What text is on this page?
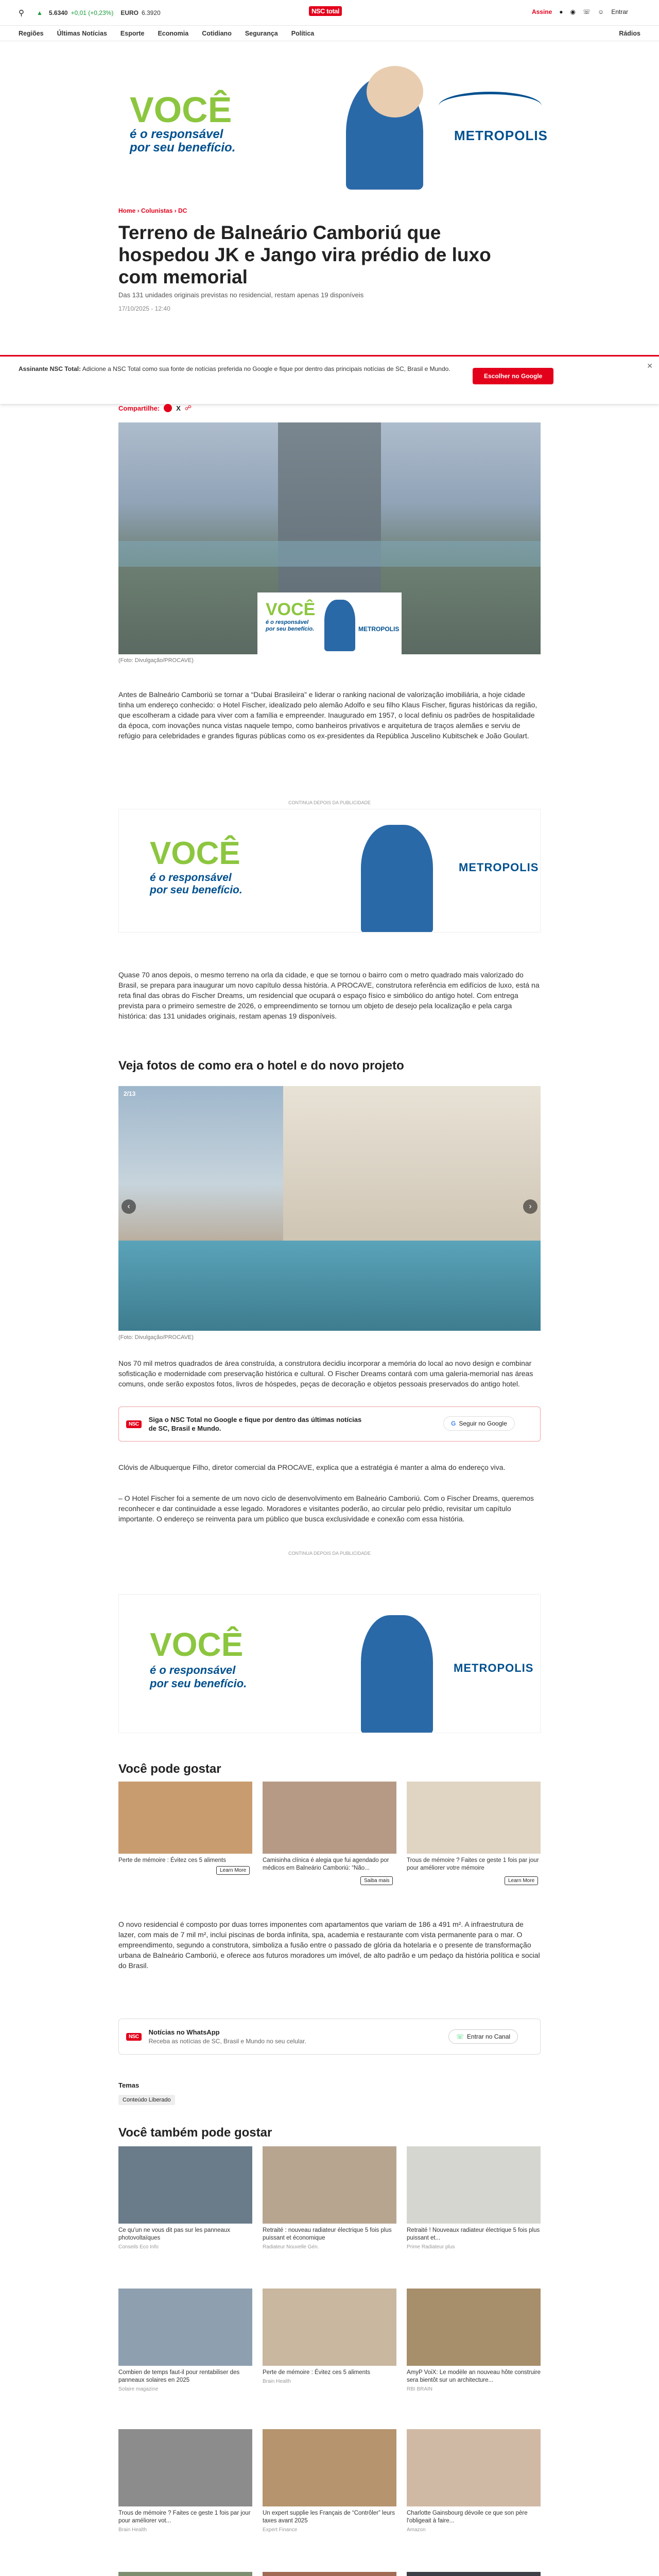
⚲ ▲ 5.6340 +0,01 (+0,23%) EURO 6.3920	NSC total	Assine ● ◉ ☏ ☺ Entrar
Regiões Últimas Notícias Esporte Economia Cotidiano Segurança Política	Rádios
VOCÊ
é o responsável
por seu benefício.
METROPOLIS
Home › Colunistas › DC
Terreno de Balneário Camboriú que hospedou JK e Jango vira prédio de luxo com memorial
Das 131 unidades originais previstas no residencial, restam apenas 19 disponíveis
17/10/2025 - 12:40
Assinante NSC Total: Adicione a NSC Total como sua fonte de notícias preferida no Google e fique por dentro das principais notícias de SC, Brasil e Mundo.
Escolher no Google
✕
Compartilhe: X ☍
VOCÊ
é o responsável
por seu benefício.	METROPOLIS
(Foto: Divulgação/PROCAVE)

Antes de Balneário Camboriú se tornar a “Dubai Brasileira” e liderar o ranking nacional de valorização imobiliária, a hoje cidade tinha um endereço conhecido: o Hotel Fischer, idealizado pelo alemão Adolfo e seu filho Klaus Fischer, figuras históricas da região, que escolheram a cidade para viver com a família e empreender. Inaugurado em 1957, o local definiu os padrões de hospitalidade da época, com inovações nunca vistas naquele tempo, como banheiros privativos e arquitetura de traços alemães e serviu de refúgio para celebridades e grandes figuras públicas como os ex-presidentes da República Juscelino Kubitschek e João Goulart.

CONTINUA DEPOIS DA PUBLICIDADE
VOCÊ
é o responsável
por seu benefício.
METROPOLIS

Quase 70 anos depois, o mesmo terreno na orla da cidade, e que se tornou o bairro com o metro quadrado mais valorizado do Brasil, se prepara para inaugurar um novo capítulo dessa história. A PROCAVE, construtora referência em edifícios de luxo, está na reta final das obras do Fischer Dreams, um residencial que ocupará o espaço físico e simbólico do antigo hotel. Com entrega prevista para o primeiro semestre de 2026, o empreendimento se tornou um objeto de desejo pela localização e pela carga histórica: das 131 unidades originais, restam apenas 19 disponíveis.

Veja fotos de como era o hotel e do novo projeto
2/13
‹	›
(Foto: Divulgação/PROCAVE)

Nos 70 mil metros quadrados de área construída, a construtora decidiu incorporar a memória do local ao novo design e combinar sofisticação e modernidade com preservação histórica e cultural. O Fischer Dreams contará com uma galeria-memorial nas áreas comuns, onde serão expostos fotos, livros de hóspedes, peças de decoração e objetos pessoais preservados do antigo hotel.

NSC
Siga o NSC Total no Google e fique por dentro das últimas notícias de SC, Brasil e Mundo.
G Seguir no Google

Clóvis de Albuquerque Filho, diretor comercial da PROCAVE, explica que a estratégia é manter a alma do endereço viva.

– O Hotel Fischer foi a semente de um novo ciclo de desenvolvimento em Balneário Camboriú. Com o Fischer Dreams, queremos reconhecer e dar continuidade a esse legado. Moradores e visitantes poderão, ao circular pelo prédio, revisitar um capítulo importante. O endereço se reinventa para um público que busca exclusividade e conexão com essa história.

CONTINUA DEPOIS DA PUBLICIDADE
VOCÊ
é o responsável
por seu benefício.
METROPOLIS
Você pode gostar
Perte de mémoire : Évitez ces 5 aliments
Learn More
Camisinha clínica é alegia que fui agendado por médicos em Balneário Camboriú: “Não...
Saiba mais
Trous de mémoire ? Faites ce geste 1 fois par jour pour améliorer votre mémoire
Learn More

O novo residencial é composto por duas torres imponentes com apartamentos que variam de 186 a 491 m². A infraestrutura de lazer, com mais de 7 mil m², inclui piscinas de borda infinita, spa, academia e restaurante com vista permanente para o mar. O empreendimento, segundo a construtora, simboliza a fusão entre o passado de glória da hotelaria e o presente de transformação urbana de Balneário Camboriú, e oferece aos futuros moradores um imóvel, de alto padrão e um pedaço da história política e social do Brasil.

NSC
Notícias no WhatsApp
Receba as notícias de SC, Brasil e Mundo no seu celular.
☏ Entrar no Canal
Temas
Conteúdo Liberado
Você também pode gostar
Ce qu'un ne vous dit pas sur les panneaux photovoltaïques
Conseils Eco Info
Retraité : nouveau radiateur électrique 5 fois plus puissant et économique
Radiateur Nouvelle Gén.
Retraité ! Nouveaux radiateur électrique 5 fois plus puissant et...
Prime Radiateur plus
Combien de temps faut-il pour rentabiliser des panneaux solaires en 2025
Solaire magazine
Perte de mémoire : Évitez ces 5 aliments
Brain Health
AmyP VoiX: Le modèle an nouveau hôte construire sera bientôt sur un architecture...
RBI BRAIN
Trous de mémoire ? Faites ce geste 1 fois par jour pour améliorer vot...
Brain Health
Un expert supplie les Français de “Contrôler” leurs taxes avant 2025
Expert Finance
Charlotte Gainsbourg dévoile ce que son père l'obligeait à faire...
Amazon
